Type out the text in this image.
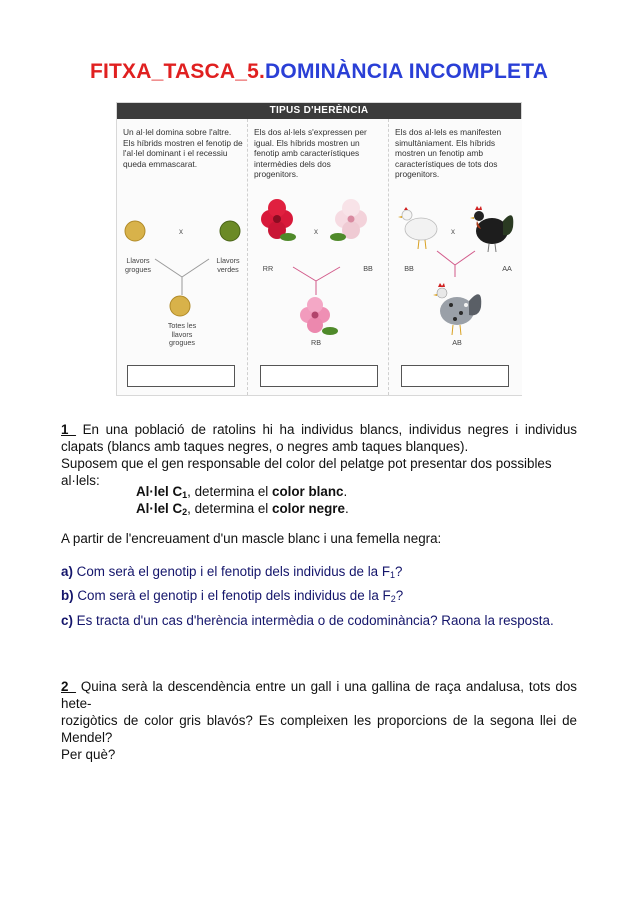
FITXA_TASCA_5.DOMINÀNCIA INCOMPLETA
TIPUS D'HERÈNCIA
Un al·lel domina sobre l'altre. Els híbrids mostren el fenotip de l'al·lel dominant i el recessiu queda emmascarat.
x
Llavors grogues
Llavors verdes
Totes les llavors grogues
Els dos al·lels s'expressen per igual. Els híbrids mostren un fenotip amb característiques intermèdies dels dos progenitors.
x
RR	BB
RB
Els dos al·lels es manifesten simultàniament. Els híbrids mostren un fenotip amb característiques de tots dos progenitors.
x
BB	AA
AB
1_ En una població de ratolins hi ha individus blancs, individus negres i individus clapats (blancs amb taques negres, o negres amb taques blanques).
Suposem que el gen responsable del color del pelatge pot presentar dos possibles al·lels:
Al·lel $C_1$, determina el color blanc.
Al·lel $C_2$, determina el color negre.
A partir de l'encreuament d'un mascle blanc i una femella negra:
a) Com serà el genotip i el fenotip dels individus de la $F_1$?
b) Com serà el genotip i el fenotip dels individus de la $F_2$?
c) Es tracta d'un cas d'herència intermèdia o de codominància? Raona la resposta.
2_ Quina serà la descendència entre un gall i una gallina de raça andalusa, tots dos hete-
rozigòtics de color gris blavós? Es compleixen les proporcions de la segona llei de Mendel?
Per què?
